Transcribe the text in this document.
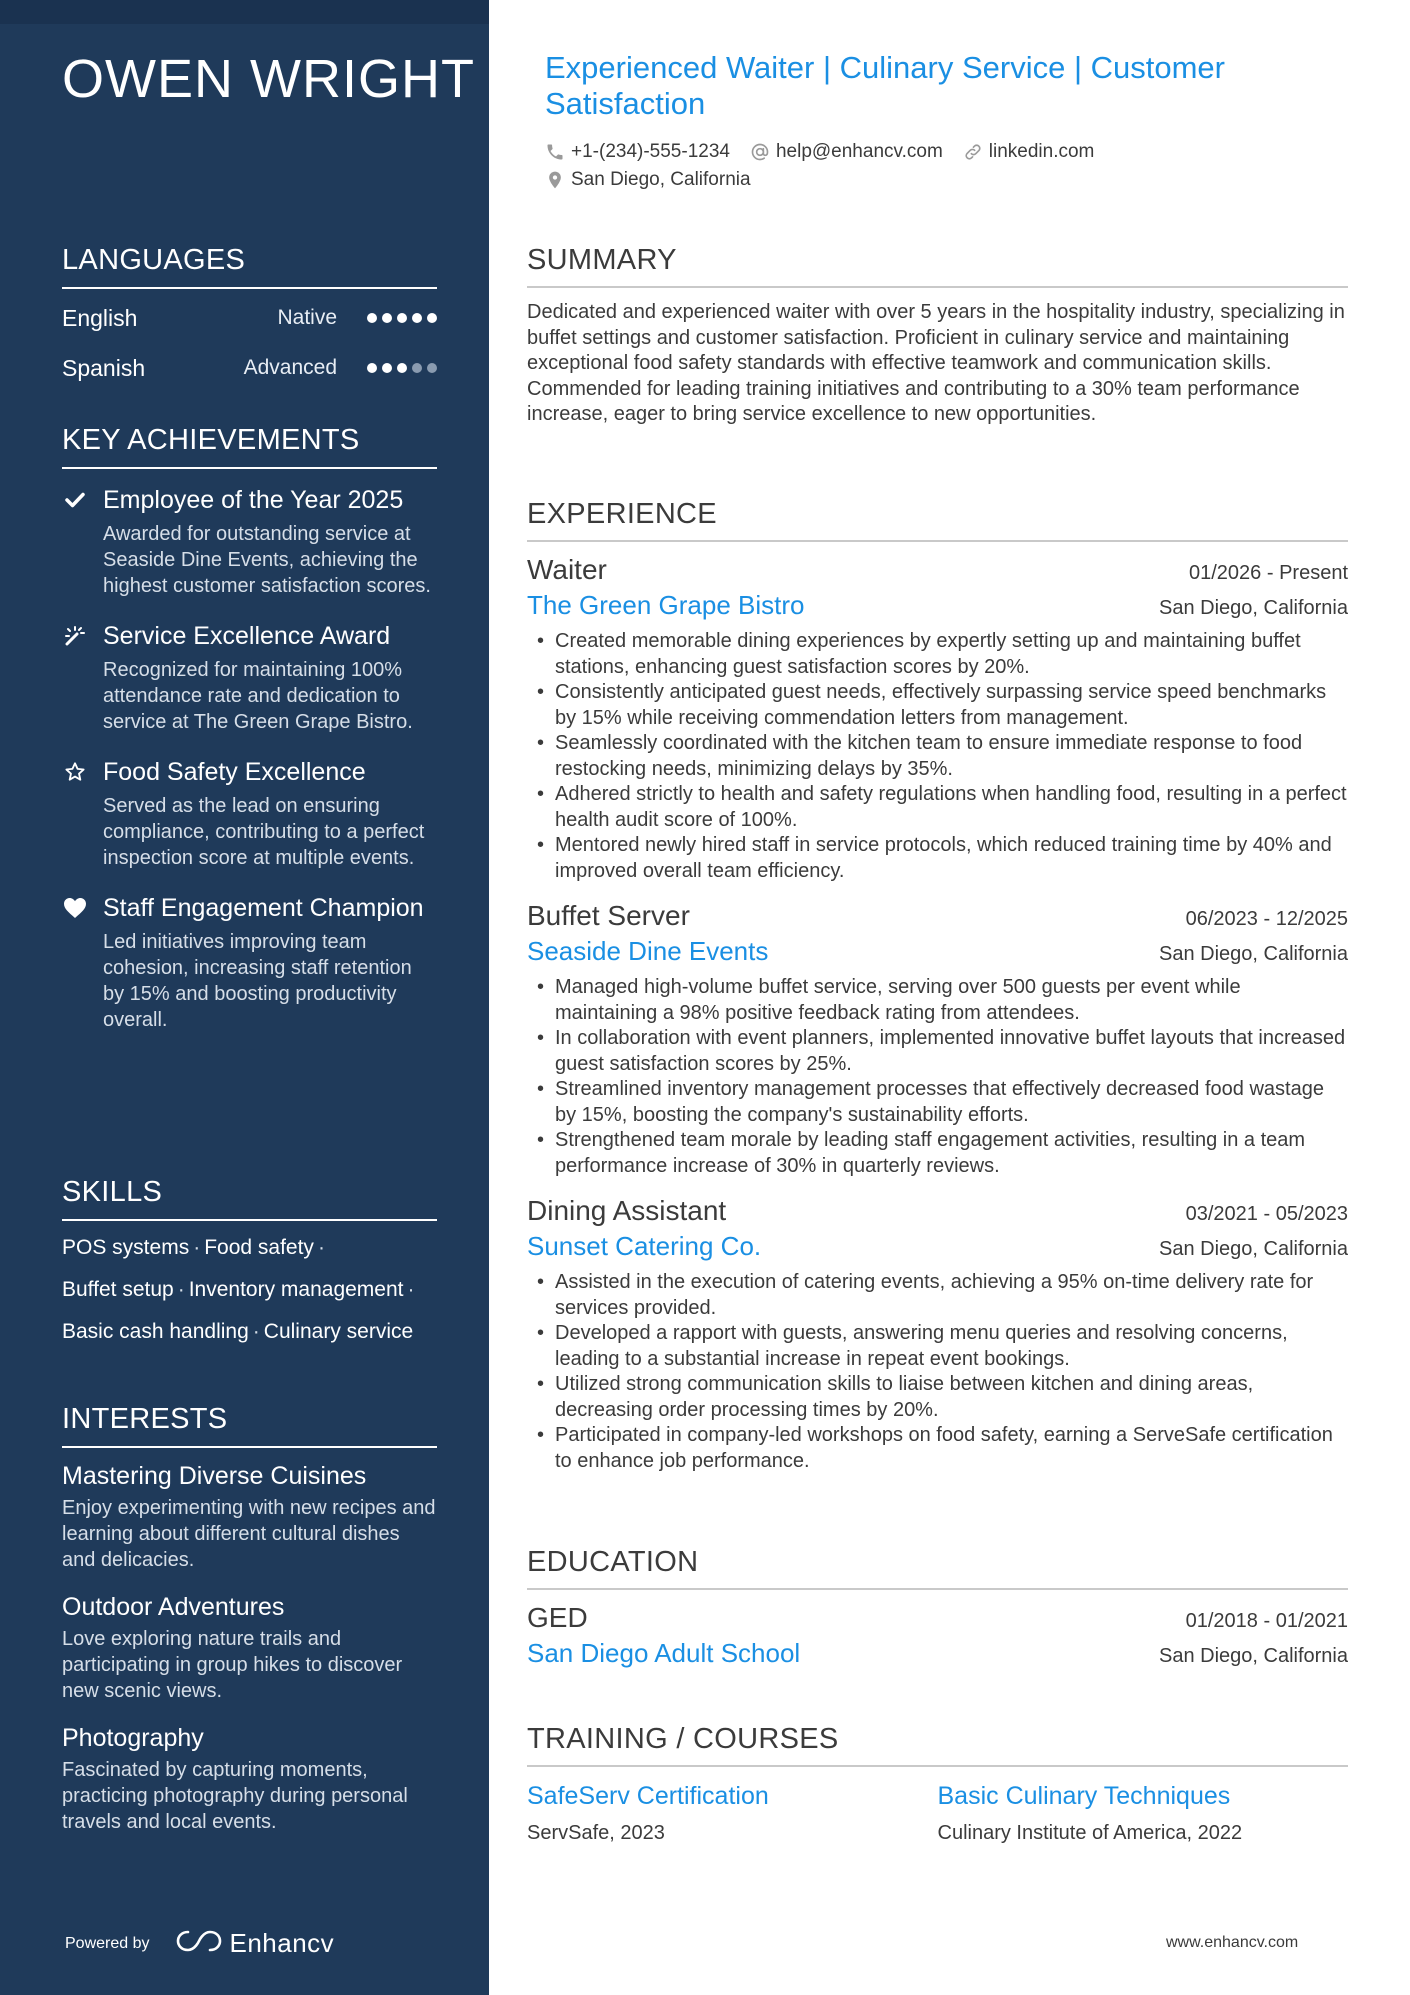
OWEN WRIGHT
LANGUAGES
English	Native
Spanish	Advanced
KEY ACHIEVEMENTS
Employee of the Year 2025
Awarded for outstanding service at Seaside Dine Events, achieving the highest customer satisfaction scores.
Service Excellence Award
Recognized for maintaining 100% attendance rate and dedication to service at The Green Grape Bistro.
Food Safety Excellence
Served as the lead on ensuring compliance, contributing to a perfect inspection score at multiple events.
Staff Engagement Champion
Led initiatives improving team cohesion, increasing staff retention by 15% and boosting productivity overall.
SKILLS
POS systems · Food safety ·
Buffet setup · Inventory management ·
Basic cash handling · Culinary service
INTERESTS
Mastering Diverse Cuisines
Enjoy experimenting with new recipes and learning about different cultural dishes and delicacies.
Outdoor Adventures
Love exploring nature trails and participating in group hikes to discover new scenic views.
Photography
Fascinated by capturing moments, practicing photography during personal travels and local events.
Powered by	Enhancv
Experienced Waiter | Culinary Service | Customer Satisfaction
+1-(234)-555-1234 help@enhancv.com linkedin.com
San Diego, California
SUMMARY
Dedicated and experienced waiter with over 5 years in the hospitality industry, specializing in buffet settings and customer satisfaction. Proficient in culinary service and maintaining exceptional food safety standards with effective teamwork and communication skills. Commended for leading training initiatives and contributing to a 30% team performance increase, eager to bring service excellence to new opportunities.
EXPERIENCE
Waiter	01/2026 - Present
The Green Grape Bistro	San Diego, California
• Created memorable dining experiences by expertly setting up and maintaining buffet stations, enhancing guest satisfaction scores by 20%.
• Consistently anticipated guest needs, effectively surpassing service speed benchmarks by 15% while receiving commendation letters from management.
• Seamlessly coordinated with the kitchen team to ensure immediate response to food restocking needs, minimizing delays by 35%.
• Adhered strictly to health and safety regulations when handling food, resulting in a perfect health audit score of 100%.
• Mentored newly hired staff in service protocols, which reduced training time by 40% and improved overall team efficiency.
Buffet Server	06/2023 - 12/2025
Seaside Dine Events	San Diego, California
• Managed high-volume buffet service, serving over 500 guests per event while maintaining a 98% positive feedback rating from attendees.
• In collaboration with event planners, implemented innovative buffet layouts that increased guest satisfaction scores by 25%.
• Streamlined inventory management processes that effectively decreased food wastage by 15%, boosting the company's sustainability efforts.
• Strengthened team morale by leading staff engagement activities, resulting in a team performance increase of 30% in quarterly reviews.
Dining Assistant	03/2021 - 05/2023
Sunset Catering Co.	San Diego, California
• Assisted in the execution of catering events, achieving a 95% on-time delivery rate for services provided.
• Developed a rapport with guests, answering menu queries and resolving concerns, leading to a substantial increase in repeat event bookings.
• Utilized strong communication skills to liaise between kitchen and dining areas, decreasing order processing times by 20%.
• Participated in company-led workshops on food safety, earning a ServeSafe certification to enhance job performance.
EDUCATION
GED	01/2018 - 01/2021
San Diego Adult School	San Diego, California
TRAINING / COURSES
SafeServ Certification
ServSafe, 2023
Basic Culinary Techniques
Culinary Institute of America, 2022
www.enhancv.com
